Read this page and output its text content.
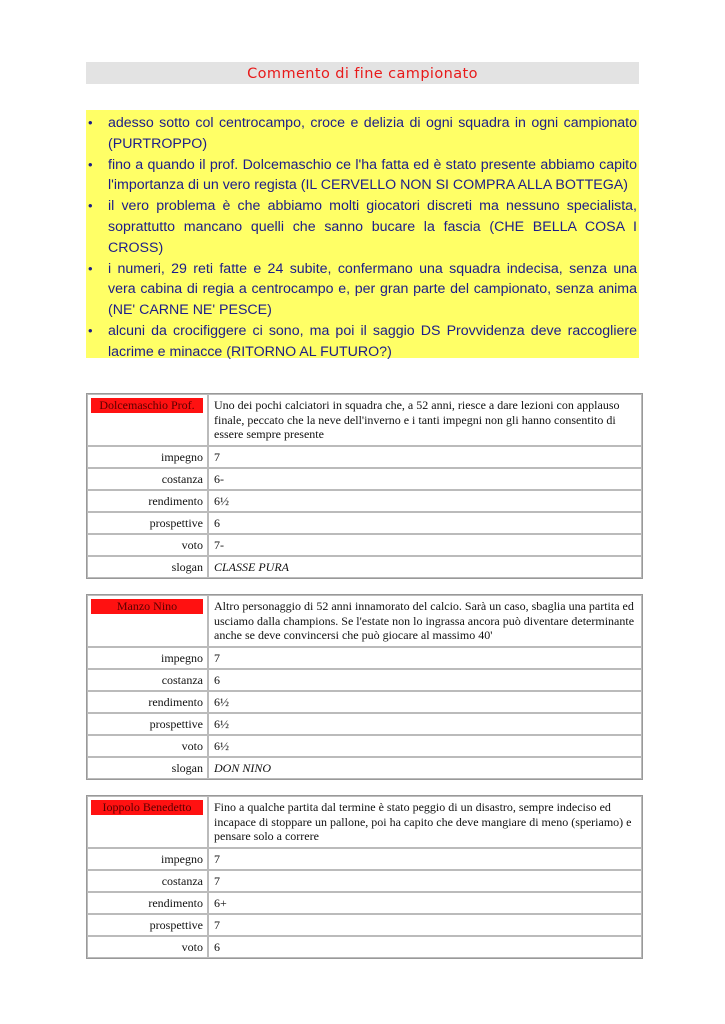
Commento di fine campionato
• adesso sotto col centrocampo, croce e delizia di ogni squadra in ogni campionato (PURTROPPO)
• fino a quando il prof. Dolcemaschio ce l'ha fatta ed è stato presente abbiamo capito l'importanza di un vero regista (IL CERVELLO NON SI COMPRA ALLA BOTTEGA)
• il vero problema è che abbiamo molti giocatori discreti ma nessuno specialista, soprattutto mancano quelli che sanno bucare la fascia (CHE BELLA COSA I CROSS)
• i numeri, 29 reti fatte e 24 subite, confermano una squadra indecisa, senza una vera cabina di regia a centrocampo e, per gran parte del campionato, senza anima (NE' CARNE NE' PESCE)
• alcuni da crocifiggere ci sono, ma poi il saggio DS Provvidenza deve raccogliere lacrime e minacce (RITORNO AL FUTURO?)
Dolcemaschio Prof.	Uno dei pochi calciatori in squadra che, a 52 anni, riesce a dare lezioni con applauso finale, peccato che la neve dell'inverno e i tanti impegni non gli hanno consentito di essere sempre presente
impegno	7
costanza	6-
rendimento	6½
prospettive	6
voto	7-
slogan	CLASSE PURA
Manzo Nino	Altro personaggio di 52 anni innamorato del calcio. Sarà un caso, sbaglia una partita ed usciamo dalla champions. Se l'estate non lo ingrassa ancora può diventare determinante anche se deve convincersi che può giocare al massimo 40'
impegno	7
costanza	6
rendimento	6½
prospettive	6½
voto	6½
slogan	DON NINO
Ioppolo Benedetto	Fino a qualche partita dal termine è stato peggio di un disastro, sempre indeciso ed incapace di stoppare un pallone, poi ha capito che deve mangiare di meno (speriamo) e pensare solo a correre
impegno	7
costanza	7
rendimento	6+
prospettive	7
voto	6
